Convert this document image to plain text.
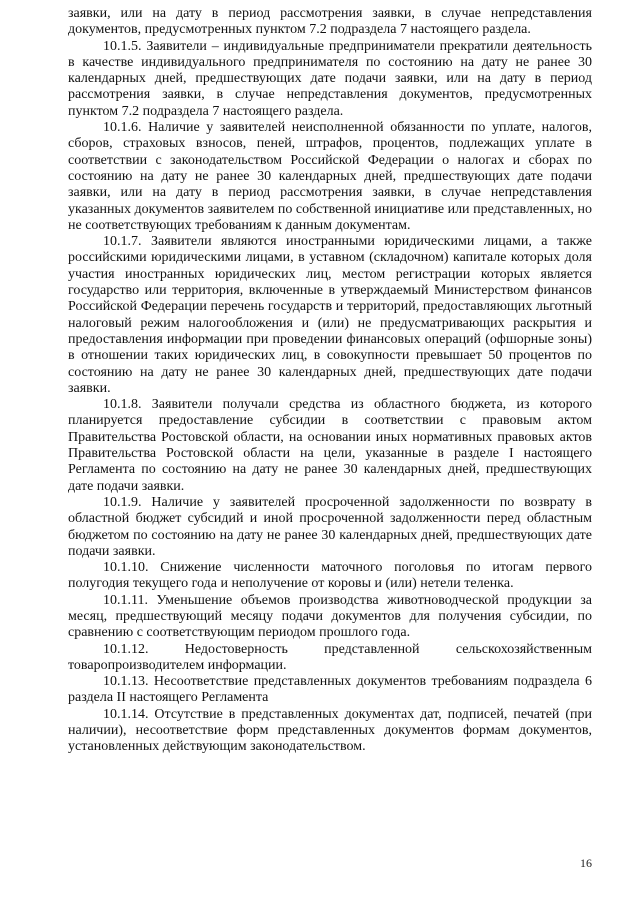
заявки, или на дату в период рассмотрения заявки, в случае непредставления документов, предусмотренных пунктом 7.2 подраздела 7 настоящего раздела.

10.1.5. Заявители – индивидуальные предприниматели прекратили деятельность в качестве индивидуального предпринимателя по состоянию на дату не ранее 30 календарных дней, предшествующих дате подачи заявки, или на дату в период рассмотрения заявки, в случае непредставления документов, предусмотренных пунктом 7.2 подраздела 7 настоящего раздела.

10.1.6. Наличие у заявителей неисполненной обязанности по уплате, налогов, сборов, страховых взносов, пеней, штрафов, процентов, подлежащих уплате в соответствии с законодательством Российской Федерации о налогах и сборах по состоянию на дату не ранее 30 календарных дней, предшествующих дате подачи заявки, или на дату в период рассмотрения заявки, в случае непредставления указанных документов заявителем по собственной инициативе или представленных, но не соответствующих требованиям к данным документам.

10.1.7. Заявители являются иностранными юридическими лицами, а также российскими юридическими лицами, в уставном (складочном) капитале которых доля участия иностранных юридических лиц, местом регистрации которых является государство или территория, включенные в утверждаемый Министерством финансов Российской Федерации перечень государств и территорий, предоставляющих льготный налоговый режим налогообложения и (или) не предусматривающих раскрытия и предоставления информации при проведении финансовых операций (офшорные зоны) в отношении таких юридических лиц, в совокупности превышает 50 процентов по состоянию на дату не ранее 30 календарных дней, предшествующих дате подачи заявки.

10.1.8. Заявители получали средства из областного бюджета, из которого планируется предоставление субсидии в соответствии с правовым актом Правительства Ростовской области, на основании иных нормативных правовых актов Правительства Ростовской области на цели, указанные в разделе I настоящего Регламента по состоянию на дату не ранее 30 календарных дней, предшествующих дате подачи заявки.

10.1.9. Наличие у заявителей просроченной задолженности по возврату в областной бюджет субсидий и иной просроченной задолженности перед областным бюджетом по состоянию на дату не ранее 30 календарных дней, предшествующих дате подачи заявки.

10.1.10. Снижение численности маточного поголовья по итогам первого полугодия текущего года и неполучение от коровы и (или) нетели теленка.

10.1.11. Уменьшение объемов производства животноводческой продукции за месяц, предшествующий месяцу подачи документов для получения субсидии, по сравнению с соответствующим периодом прошлого года.

10.1.12. Недостоверность представленной сельскохозяйственным товаропроизводителем информации.

10.1.13. Несоответствие представленных документов требованиям подраздела 6 раздела II настоящего Регламента

10.1.14. Отсутствие в представленных документах дат, подписей, печатей (при наличии), несоответствие форм представленных документов формам документов, установленных действующим законодательством.

16
